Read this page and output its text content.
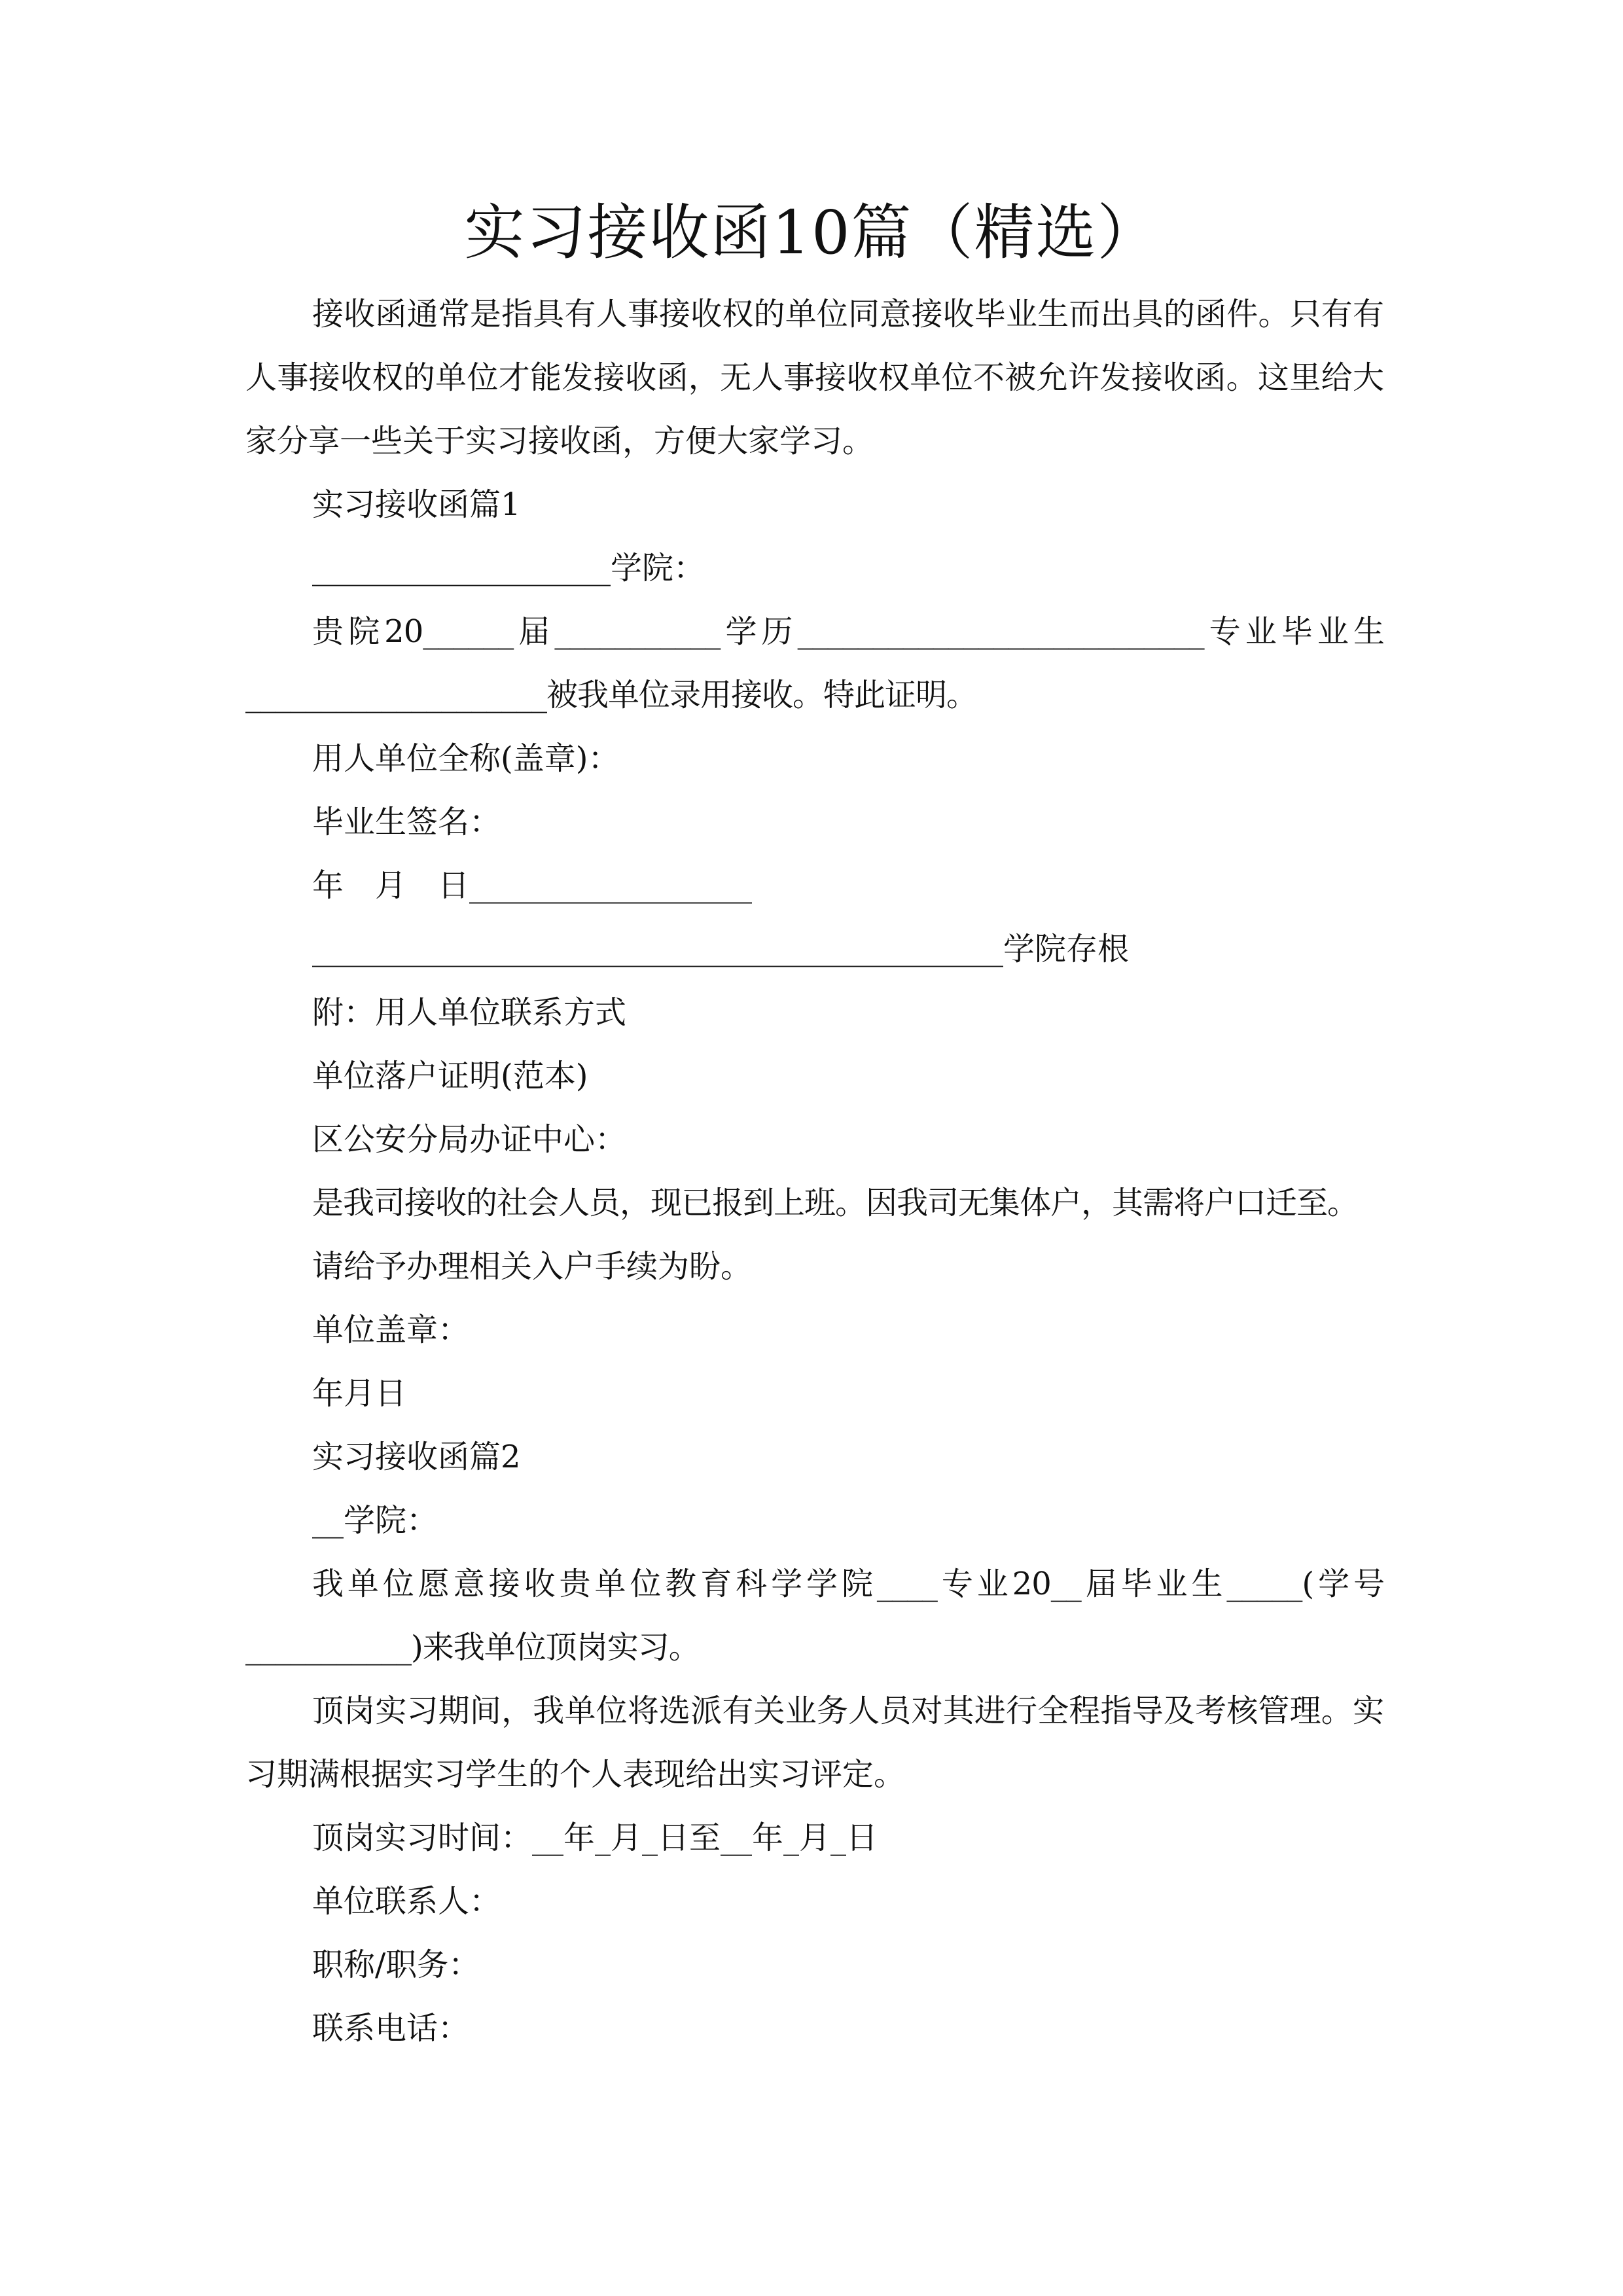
实习接收函10篇（精选）

接收函通常是指具有人事接收权的单位同意接收毕业生而出具的函件。只有有人事接收权的单位才能发接收函，无人事接收权单位不被允许发接收函。这里给大家分享一些关于实习接收函，方便大家学习。

实习接收函篇1

___________________学院：

贵院20______届___________学历___________________________专业毕业生____________________被我单位录用接收。特此证明。

用人单位全称(盖章)：

毕业生签名：

年　月　日__________________

____________________________________________学院存根

附：用人单位联系方式

单位落户证明(范本)

区公安分局办证中心：

是我司接收的社会人员，现已报到上班。因我司无集体户，其需将户口迁至。

请给予办理相关入户手续为盼。

单位盖章：

年月日

实习接收函篇2

__学院：

我单位愿意接收贵单位教育科学学院____专业20__届毕业生_____(学号___________)来我单位顶岗实习。

顶岗实习期间，我单位将选派有关业务人员对其进行全程指导及考核管理。实习期满根据实习学生的个人表现给出实习评定。

顶岗实习时间：__年_月_日至__年_月_日

单位联系人：

职称/职务：

联系电话：
